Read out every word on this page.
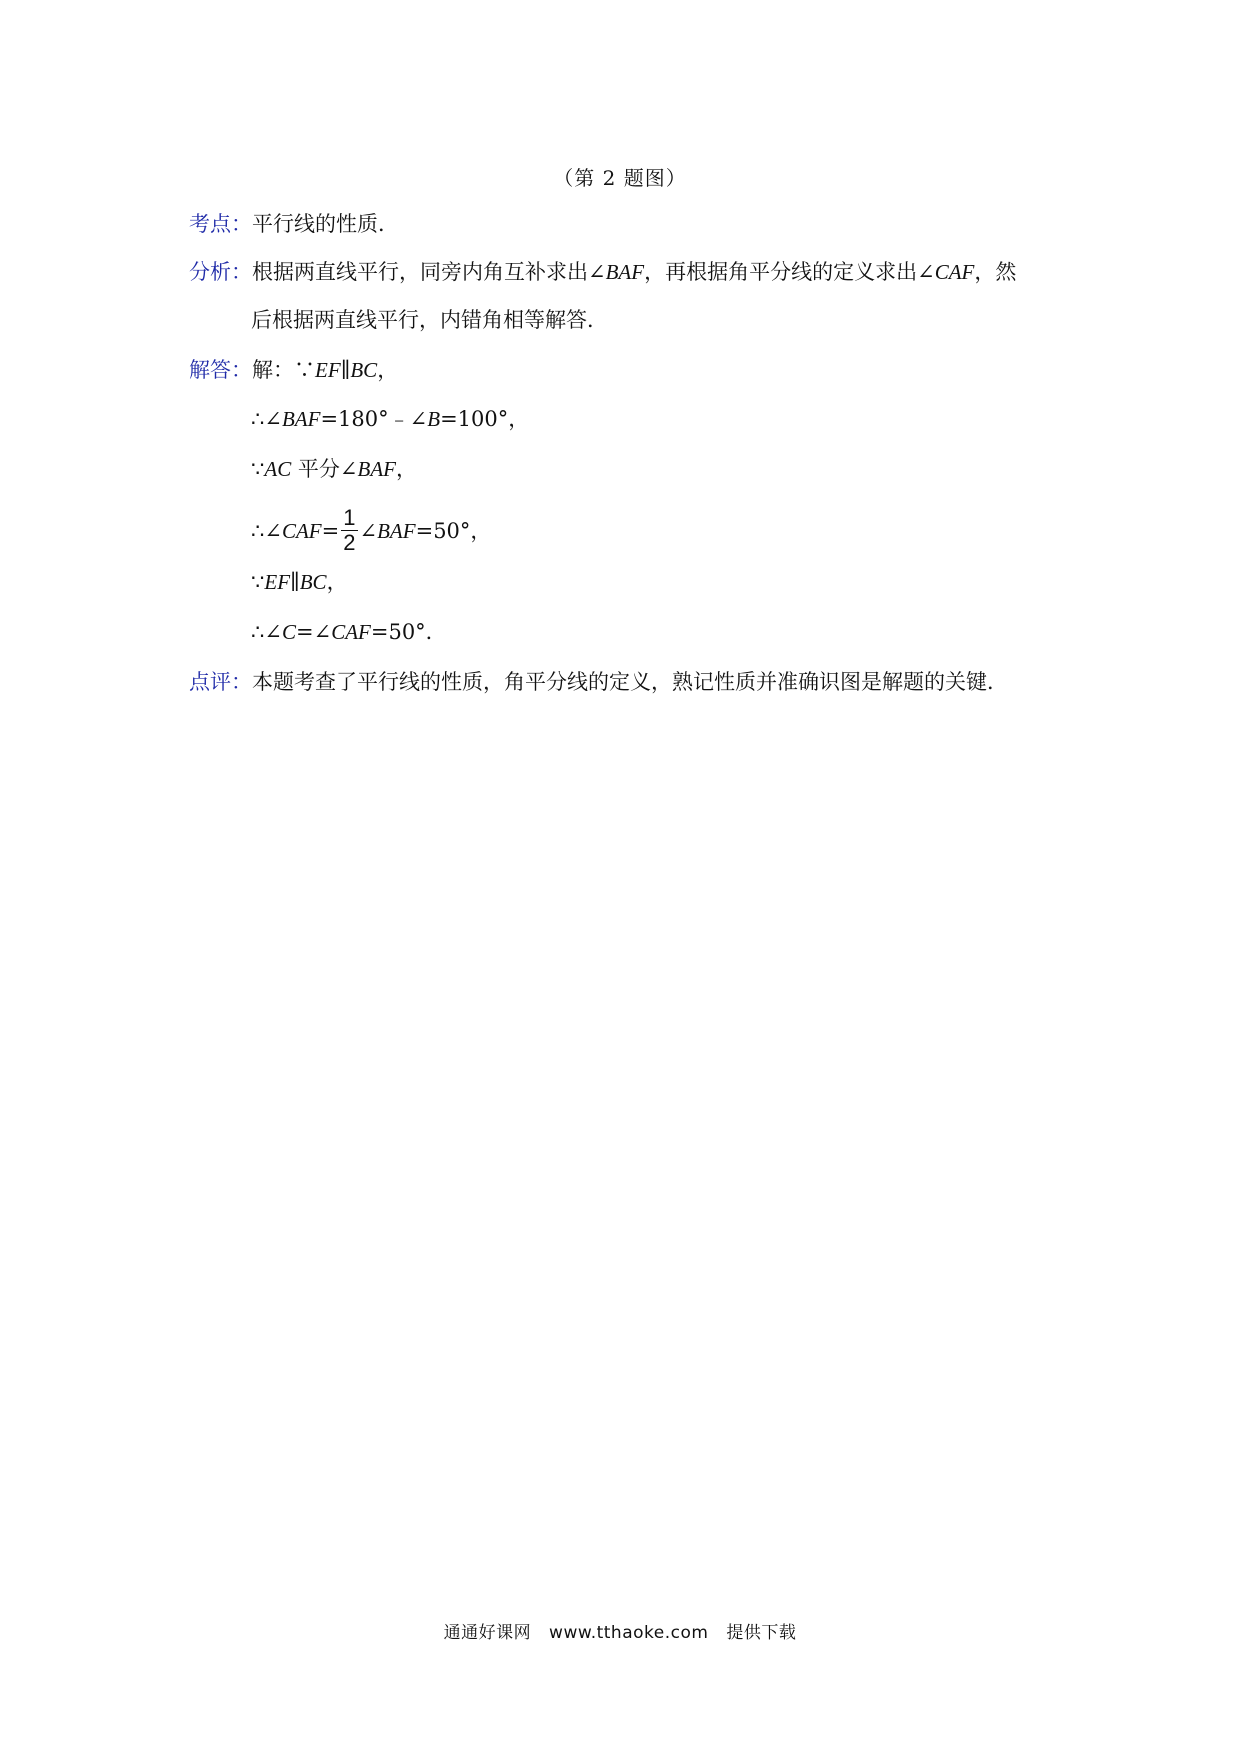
（第 2 题图）
考点：平行线的性质．
分析：根据两直线平行，同旁内角互补求出∠BAF，再根据角平分线的定义求出∠CAF，然
后根据两直线平行，内错角相等解答．
解答：解：∵EF∥BC，
∴∠BAF=180°﹣∠B=100°，
∵AC 平分∠BAF，
∴∠CAF= $\frac{1}{2}$ ∠BAF=50°，
∵EF∥BC，
∴∠C=∠CAF=50°．
点评：本题考查了平行线的性质，角平分线的定义，熟记性质并准确识图是解题的关键．
通通好课网 www.tthaoke.com 提供下载
